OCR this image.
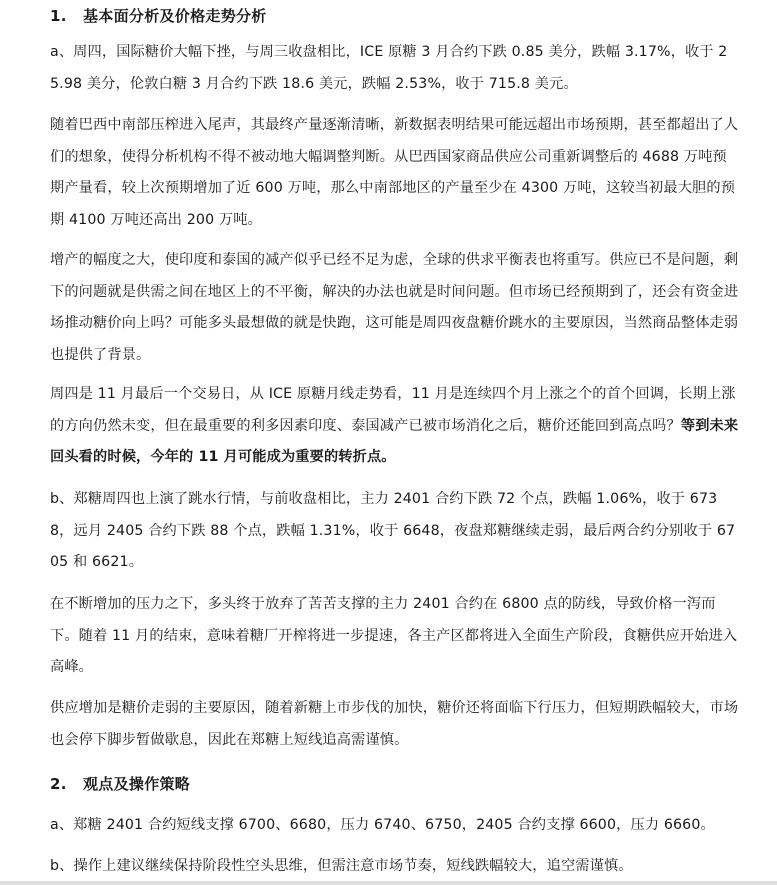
1. 基本面分析及价格走势分析

a、周四，国际糖价大幅下挫，与周三收盘相比，ICE 原糖 3 月合约下跌 0.85 美分，跌幅 3.17%，收于 25.98 美分，伦敦白糖 3 月合约下跌 18.6 美元，跌幅 2.53%，收于 715.8 美元。

随着巴西中南部压榨进入尾声，其最终产量逐渐清晰，新数据表明结果可能远超出市场预期，甚至都超出了人们的想象，使得分析机构不得不被动地大幅调整判断。从巴西国家商品供应公司重新调整后的 4688 万吨预期产量看，较上次预期增加了近 600 万吨，那么中南部地区的产量至少在 4300 万吨，这较当初最大胆的预期 4100 万吨还高出 200 万吨。

增产的幅度之大，使印度和泰国的减产似乎已经不足为虑，全球的供求平衡表也将重写。供应已不是问题，剩下的问题就是供需之间在地区上的不平衡，解决的办法也就是时间问题。但市场已经预期到了，还会有资金进场推动糖价向上吗？可能多头最想做的就是快跑，这可能是周四夜盘糖价跳水的主要原因，当然商品整体走弱也提供了背景。

周四是 11 月最后一个交易日，从 ICE 原糖月线走势看，11 月是连续四个月上涨之个的首个回调，长期上涨的方向仍然未变，但在最重要的利多因素印度、泰国减产已被市场消化之后，糖价还能回到高点吗？等到未来回头看的时候，今年的 11 月可能成为重要的转折点。

b、郑糖周四也上演了跳水行情，与前收盘相比，主力 2401 合约下跌 72 个点，跌幅 1.06%，收于 6738，远月 2405 合约下跌 88 个点，跌幅 1.31%，收于 6648，夜盘郑糖继续走弱，最后两合约分别收于 6705 和 6621。

在不断增加的压力之下，多头终于放弃了苦苦支撑的主力 2401 合约在 6800 点的防线，导致价格一泻而下。随着 11 月的结束，意味着糖厂开榨将进一步提速，各主产区都将进入全面生产阶段，食糖供应开始进入高峰。

供应增加是糖价走弱的主要原因，随着新糖上市步伐的加快，糖价还将面临下行压力，但短期跌幅较大，市场也会停下脚步暂做歇息，因此在郑糖上短线追高需谨慎。

2. 观点及操作策略

a、郑糖 2401 合约短线支撑 6700、6680，压力 6740、6750，2405 合约支撑 6600，压力 6660。

b、操作上建议继续保持阶段性空头思维，但需注意市场节奏，短线跌幅较大，追空需谨慎。
